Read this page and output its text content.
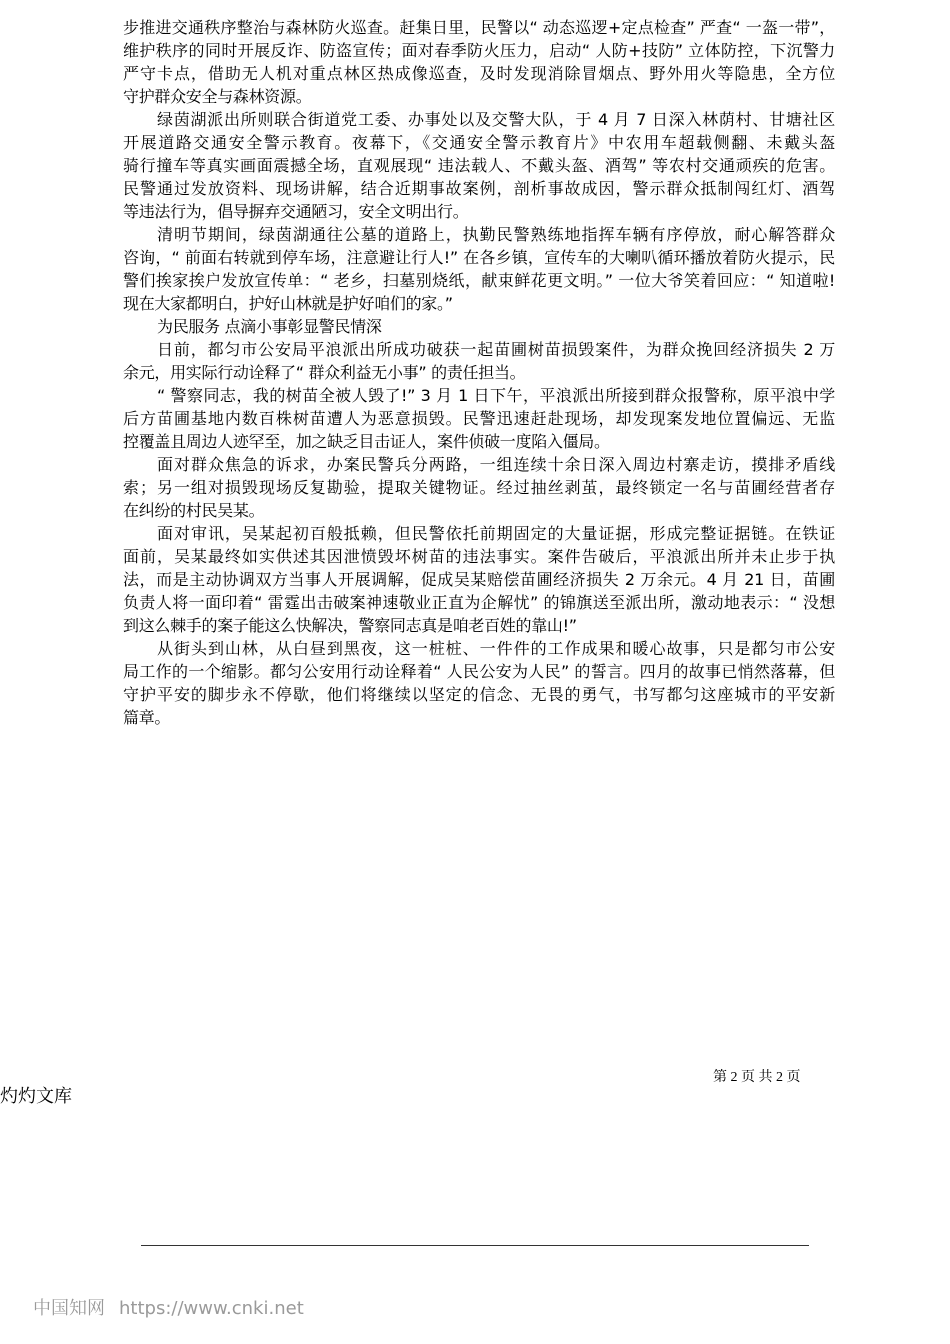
步推进交通秩序整治与森林防火巡查。赶集日里，民警以“ 动态巡逻+定点检查” 严查“ 一盔一带”，
维护秩序的同时开展反诈、防盗宣传；面对春季防火压力，启动“ 人防+技防” 立体防控，下沉警力
严守卡点，借助无人机对重点林区热成像巡查，及时发现消除冒烟点、野外用火等隐患，全方位
守护群众安全与森林资源。
绿茵湖派出所则联合街道党工委、办事处以及交警大队，于 4 月 7 日深入林荫村、甘塘社区
开展道路交通安全警示教育。夜幕下，《交通安全警示教育片》中农用车超载侧翻、未戴头盔
骑行撞车等真实画面震撼全场，直观展现“ 违法载人、不戴头盔、酒驾” 等农村交通顽疾的危害。
民警通过发放资料、现场讲解，结合近期事故案例，剖析事故成因，警示群众抵制闯红灯、酒驾
等违法行为，倡导摒弃交通陋习，安全文明出行。
清明节期间，绿茵湖通往公墓的道路上，执勤民警熟练地指挥车辆有序停放，耐心解答群众
咨询，“ 前面右转就到停车场，注意避让行人!” 在各乡镇，宣传车的大喇叭循环播放着防火提示，民
警们挨家挨户发放宣传单：“ 老乡，扫墓别烧纸，献束鲜花更文明。” 一位大爷笑着回应：“ 知道啦!
现在大家都明白，护好山林就是护好咱们的家。”
为民服务 点滴小事彰显警民情深
日前，都匀市公安局平浪派出所成功破获一起苗圃树苗损毁案件，为群众挽回经济损失 2 万
余元，用实际行动诠释了“ 群众利益无小事” 的责任担当。
“ 警察同志，我的树苗全被人毁了!” 3 月 1 日下午，平浪派出所接到群众报警称，原平浪中学
后方苗圃基地内数百株树苗遭人为恶意损毁。民警迅速赶赴现场，却发现案发地位置偏远、无监
控覆盖且周边人迹罕至，加之缺乏目击证人，案件侦破一度陷入僵局。
面对群众焦急的诉求，办案民警兵分两路，一组连续十余日深入周边村寨走访，摸排矛盾线
索；另一组对损毁现场反复勘验，提取关键物证。经过抽丝剥茧，最终锁定一名与苗圃经营者存
在纠纷的村民吴某。
面对审讯，吴某起初百般抵赖，但民警依托前期固定的大量证据，形成完整证据链。在铁证
面前，吴某最终如实供述其因泄愤毁坏树苗的违法事实。案件告破后，平浪派出所并未止步于执
法，而是主动协调双方当事人开展调解，促成吴某赔偿苗圃经济损失 2 万余元。4 月 21 日，苗圃
负责人将一面印着“ 雷霆出击破案神速敬业正直为企解忧” 的锦旗送至派出所，激动地表示：“ 没想
到这么棘手的案子能这么快解决，警察同志真是咱老百姓的靠山!”
从街头到山林，从白昼到黑夜，这一桩桩、一件件的工作成果和暖心故事，只是都匀市公安
局工作的一个缩影。都匀公安用行动诠释着“ 人民公安为人民” 的誓言。四月的故事已悄然落幕，但
守护平安的脚步永不停歇，他们将继续以坚定的信念、无畏的勇气，书写都匀这座城市的平安新
篇章。
第 2 页 共 2 页
灼灼文库
中国知网 https://www.cnki.net
